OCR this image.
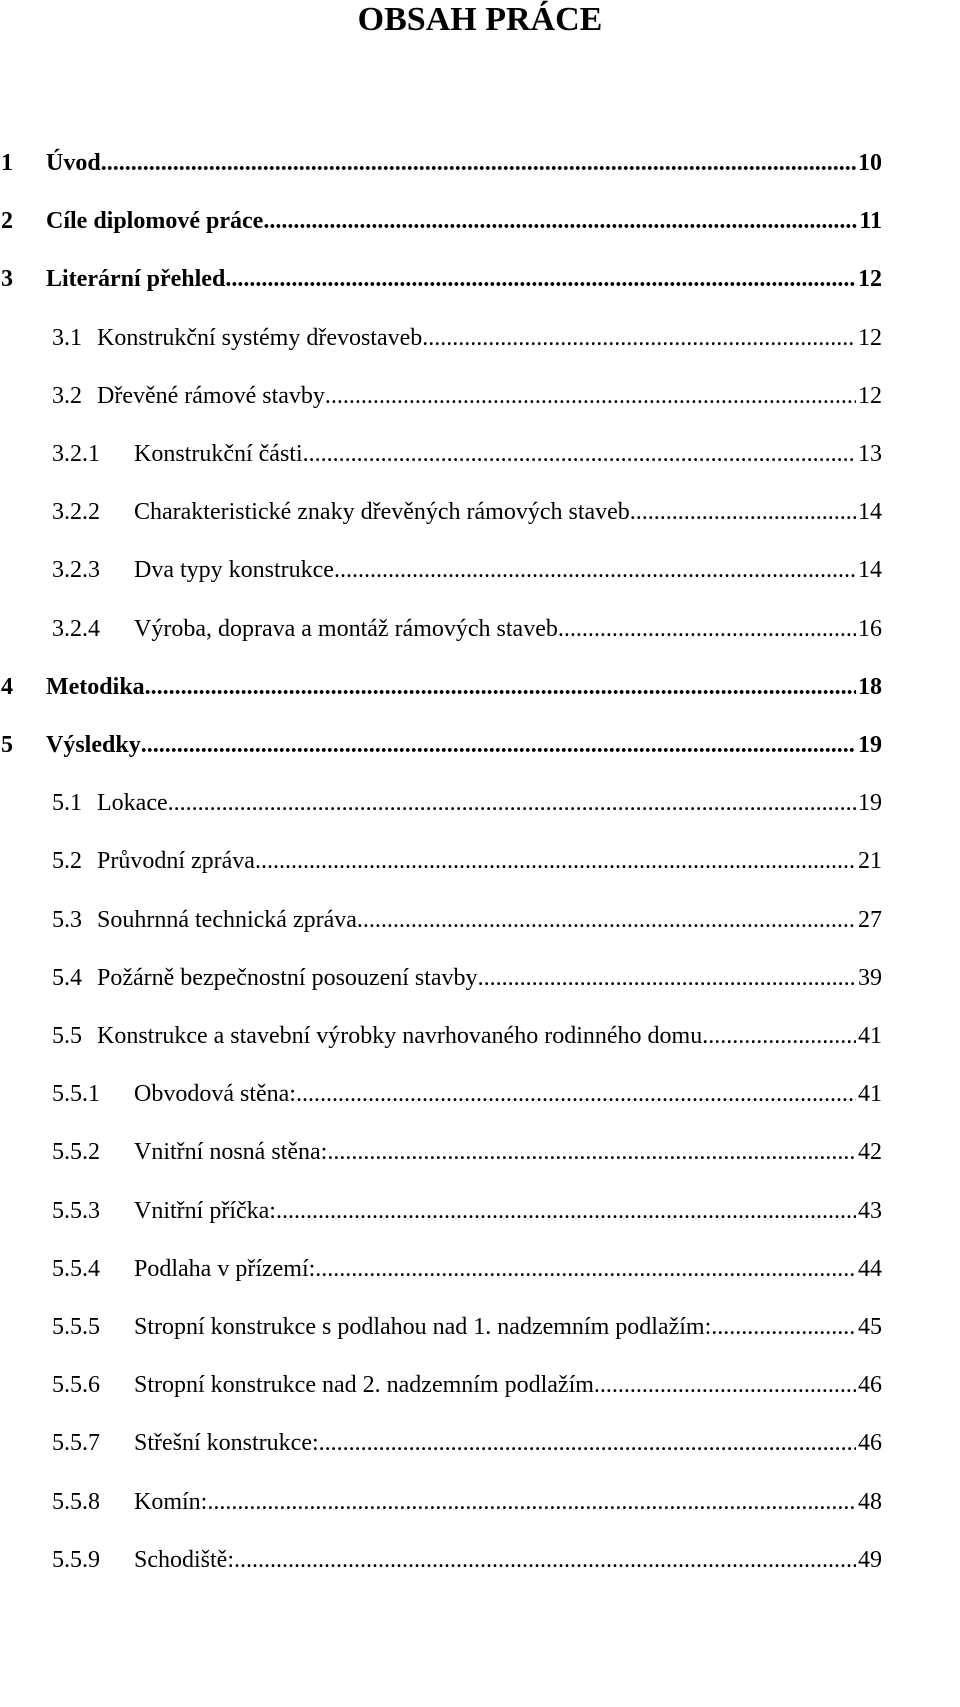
OBSAH PRÁCE
1 Úvod . . .	10
2 Cíle diplomové práce . . .	11
3 Literární přehled . . .	12
3.1 Konstrukční systémy dřevostaveb . . .	12
3.2 Dřevěné rámové stavby . . .	12
3.2.1 Konstrukční části . . .	13
3.2.2 Charakteristické znaky dřevěných rámových staveb . . .	14
3.2.3 Dva typy konstrukce . . .	14
3.2.4 Výroba, doprava a montáž rámových staveb . . .	16
4 Metodika . . .	18
5 Výsledky . . .	19
5.1 Lokace . . .	19
5.2 Průvodní zpráva . . .	21
5.3 Souhrnná technická zpráva . . .	27
5.4 Požárně bezpečnostní posouzení stavby . . .	39
5.5 Konstrukce a stavební výrobky navrhovaného rodinného domu . . .	41
5.5.1 Obvodová stěna: . . .	41
5.5.2 Vnitřní nosná stěna: . . .	42
5.5.3 Vnitřní příčka: . . .	43
5.5.4 Podlaha v přízemí: . . .	44
5.5.5 Stropní konstrukce s podlahou nad 1. nadzemním podlažím: . . .	45
5.5.6 Stropní konstrukce nad 2. nadzemním podlažím . . .	46
5.5.7 Střešní konstrukce: . . .	46
5.5.8 Komín: . . .	48
5.5.9 Schodiště: . . .	49
